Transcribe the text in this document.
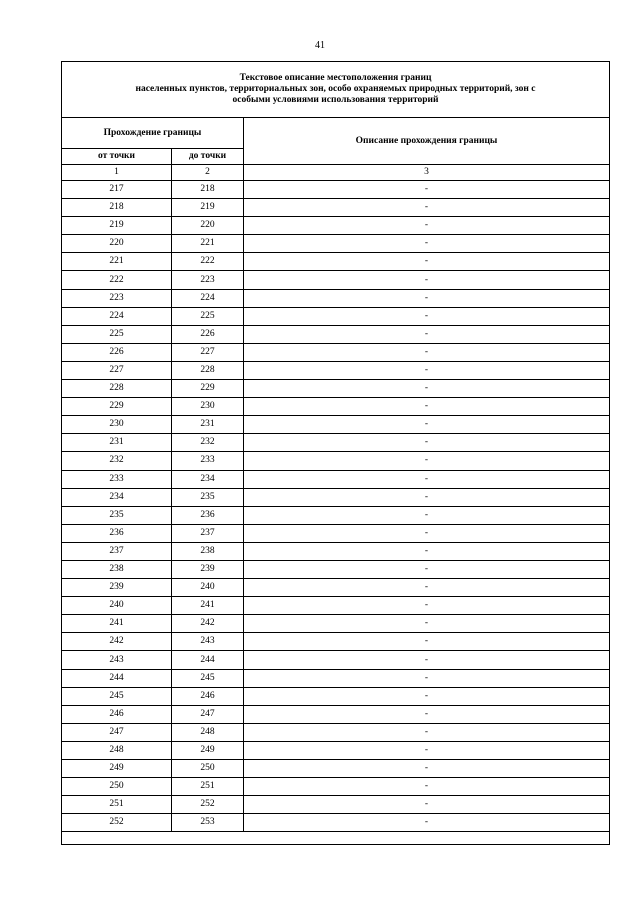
41
Текстовое описание местоположения границ
населенных пунктов, территориальных зон, особо охраняемых природных территорий, зон с
особыми условиями использования территорий		

Прохождение границы		Описание прохождения границы
от точки	до точки	
1	2	3
217	218	-
218	219	-
219	220	-
220	221	-
221	222	-
222	223	-
223	224	-
224	225	-
225	226	-
226	227	-
227	228	-
228	229	-
229	230	-
230	231	-
231	232	-
232	233	-
233	234	-
234	235	-
235	236	-
236	237	-
237	238	-
238	239	-
239	240	-
240	241	-
241	242	-
242	243	-
243	244	-
244	245	-
245	246	-
246	247	-
247	248	-
248	249	-
249	250	-
250	251	-
251	252	-
252	253	-
